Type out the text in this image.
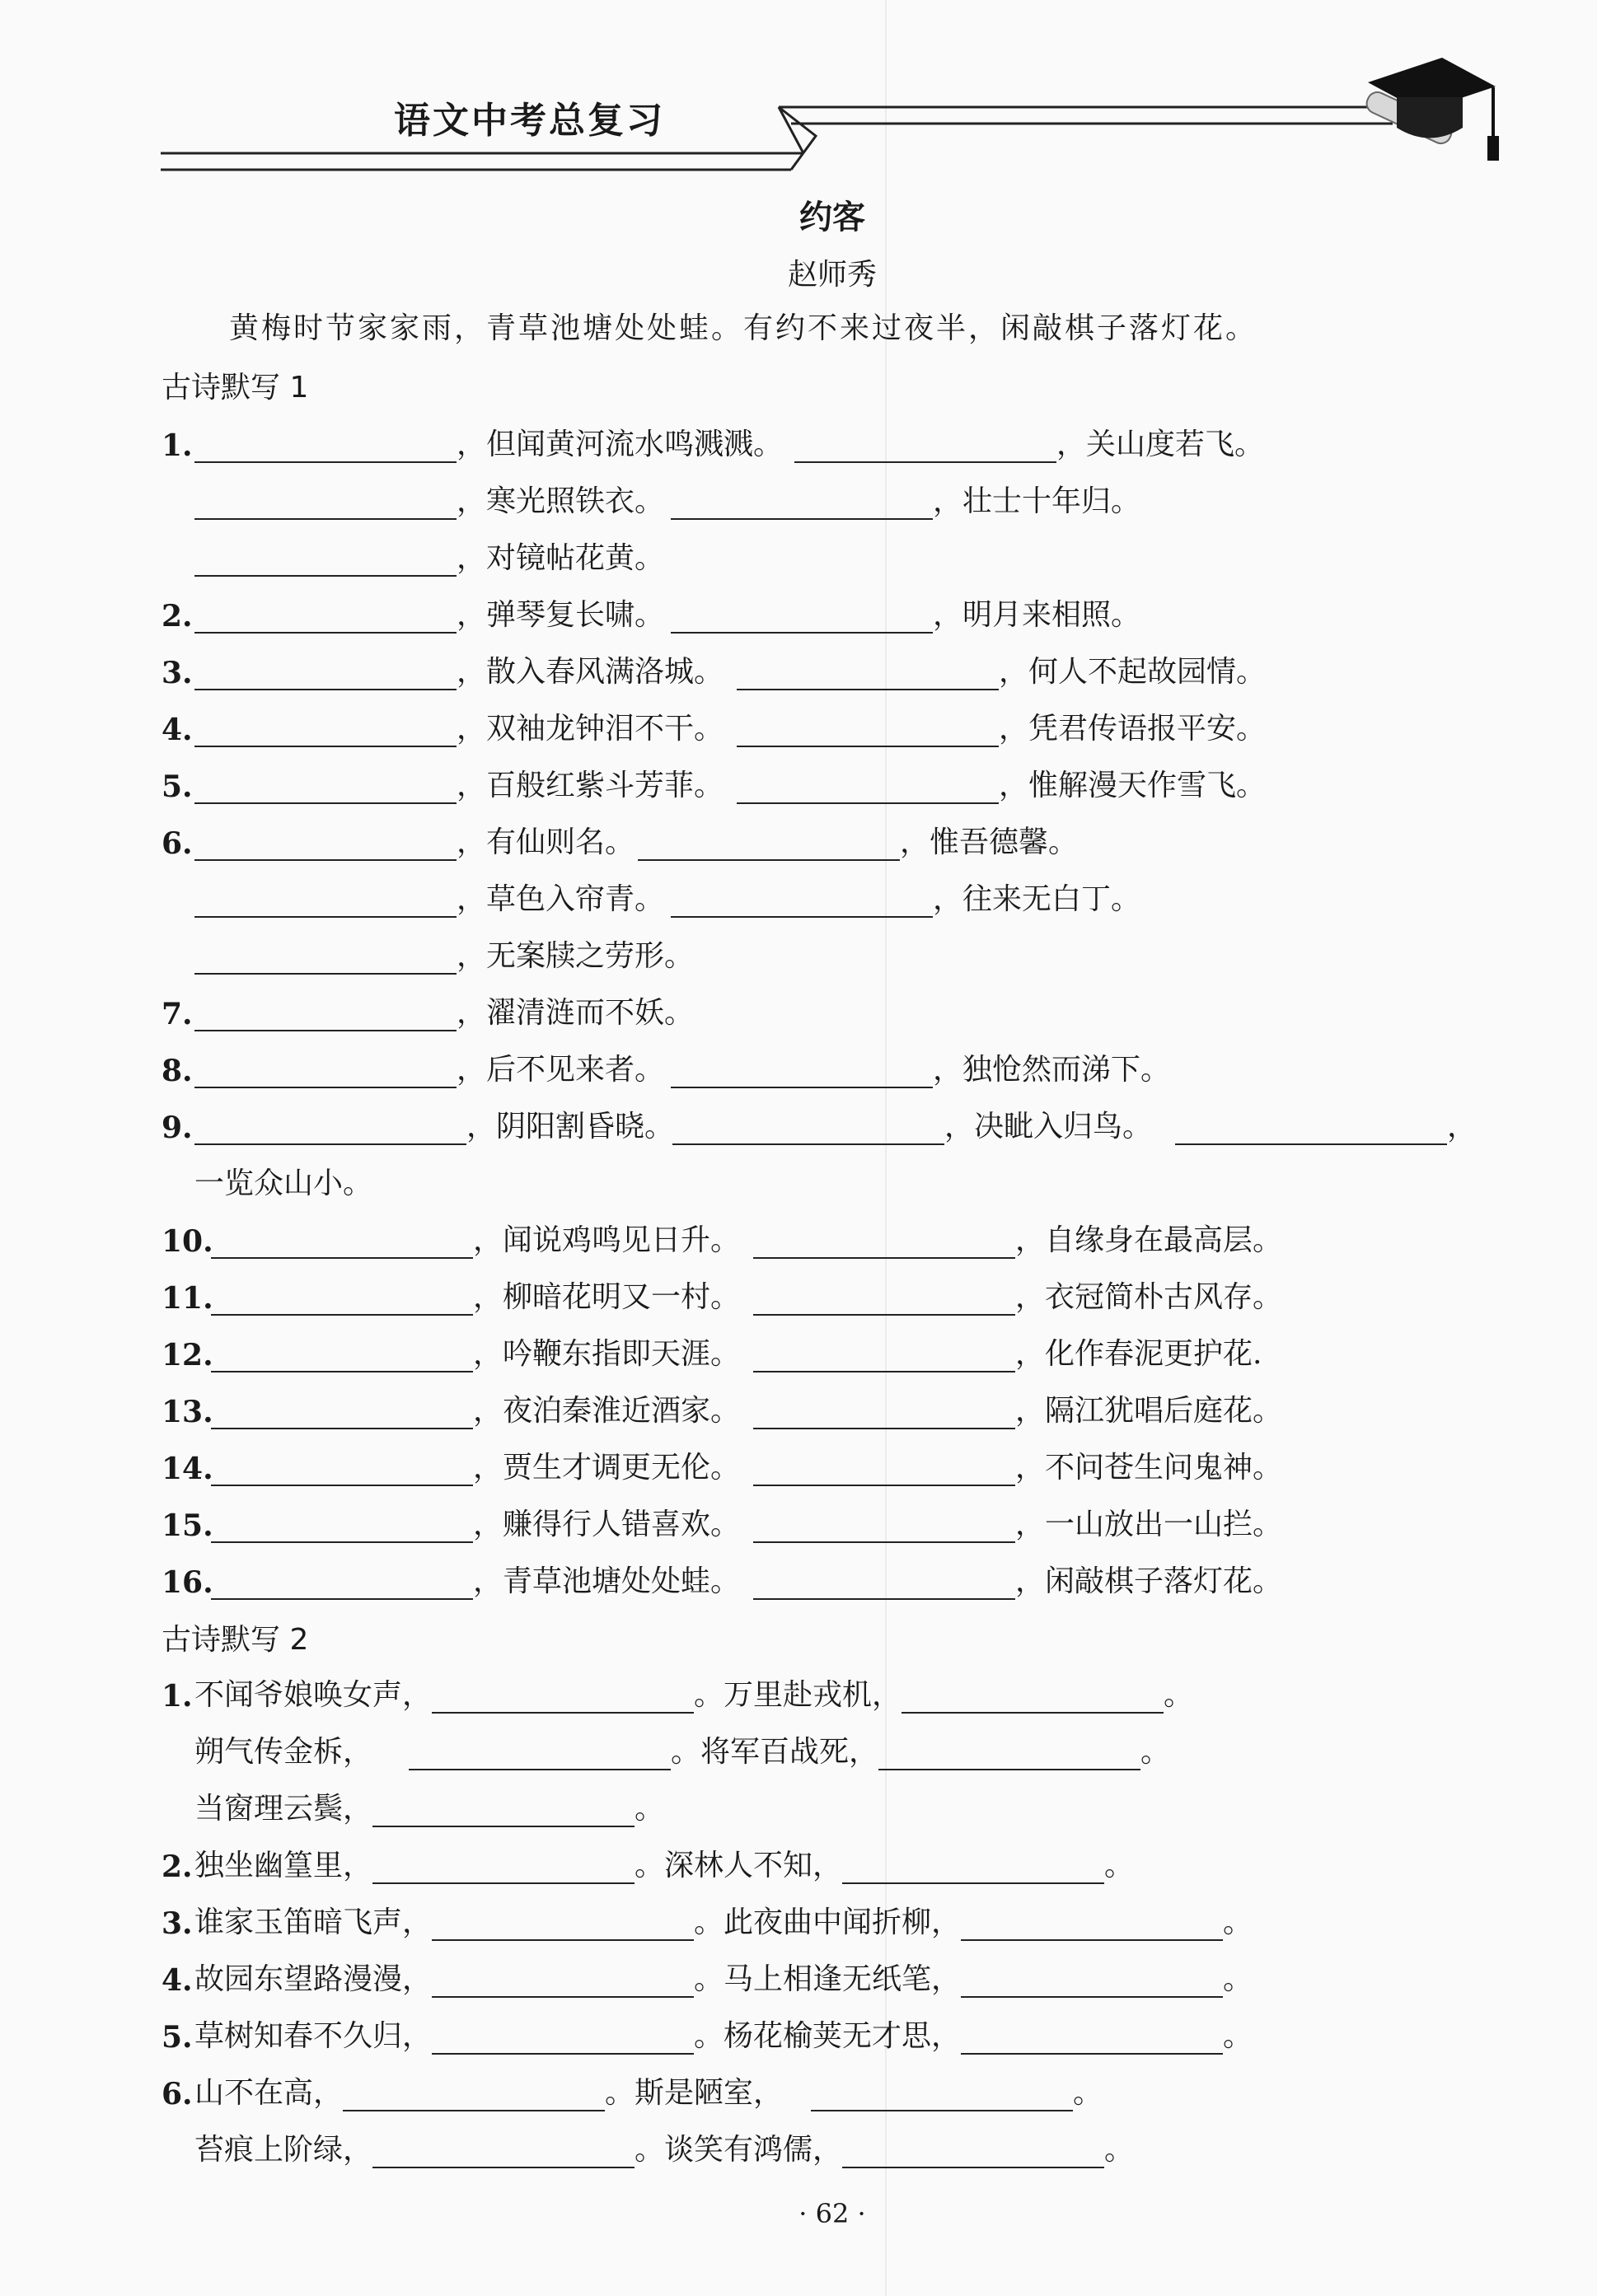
语文中考总复习
约客
赵师秀
黄梅时节家家雨，青草池塘处处蛙。有约不来过夜半，闲敲棋子落灯花。
古诗默写 1
1.	，但闻黄河流水鸣溅溅。	，关山度若飞。
，寒光照铁衣。	，壮士十年归。
，对镜帖花黄。
2.	，弹琴复长啸。	，明月来相照。
3.	，散入春风满洛城。	，何人不起故园情。
4.	，双袖龙钟泪不干。	，凭君传语报平安。
5.	，百般红紫斗芳菲。	，惟解漫天作雪飞。
6.	，有仙则名。	，惟吾德馨。
，草色入帘青。	，往来无白丁。
，无案牍之劳形。
7.	，濯清涟而不妖。
8.	，后不见来者。	，独怆然而涕下。
9.	，阴阳割昏晓。	，决眦入归鸟。	，
一览众山小。
10.	，闻说鸡鸣见日升。	，自缘身在最高层。
11.	，柳暗花明又一村。	，衣冠简朴古风存。
12.	，吟鞭东指即天涯。	，化作春泥更护花.
13.	，夜泊秦淮近酒家。	，隔江犹唱后庭花。
14.	，贾生才调更无伦。	，不问苍生问鬼神。
15.	，赚得行人错喜欢。	，一山放出一山拦。
16.	，青草池塘处处蛙。	，闲敲棋子落灯花。
古诗默写 2
1. 不闻爷娘唤女声，	。万里赴戎机，	。
朔气传金柝，	。将军百战死，	。
当窗理云鬓，	。
2. 独坐幽篁里，	。深林人不知，	。
3. 谁家玉笛暗飞声，	。此夜曲中闻折柳，	。
4. 故园东望路漫漫，	。马上相逢无纸笔，	。
5. 草树知春不久归，	。杨花榆荚无才思，	。
6. 山不在高，	。斯是陋室，	。
苔痕上阶绿，	。谈笑有鸿儒，	。
· 62 ·
